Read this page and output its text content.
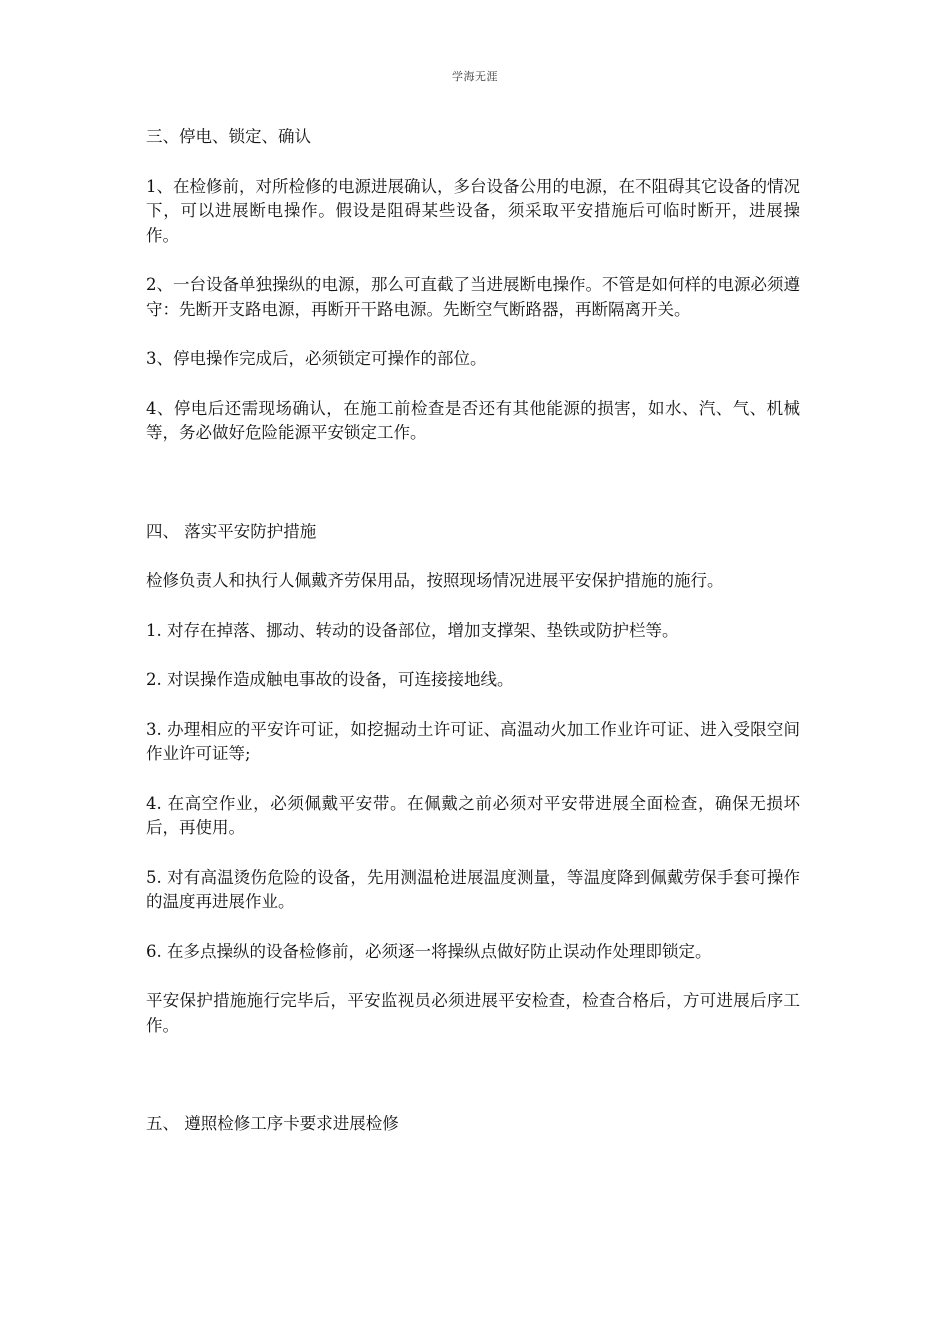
学海无涯

三、停电、锁定、确认

1、在检修前，对所检修的电源进展确认，多台设备公用的电源，在不阻碍其它设备的情况下，可以进展断电操作。假设是阻碍某些设备，须采取平安措施后可临时断开，进展操作。

2、一台设备单独操纵的电源，那么可直截了当进展断电操作。不管是如何样的电源必须遵守：先断开支路电源，再断开干路电源。先断空气断路器，再断隔离开关。

3、停电操作完成后，必须锁定可操作的部位。

4、停电后还需现场确认，在施工前检查是否还有其他能源的损害，如水、汽、气、机械等，务必做好危险能源平安锁定工作。

四、 落实平安防护措施

检修负责人和执行人佩戴齐劳保用品，按照现场情况进展平安保护措施的施行。

1. 对存在掉落、挪动、转动的设备部位，增加支撑架、垫铁或防护栏等。

2. 对误操作造成触电事故的设备，可连接接地线。

3. 办理相应的平安许可证，如挖掘动土许可证、高温动火加工作业许可证、进入受限空间作业许可证等;

4. 在高空作业，必须佩戴平安带。在佩戴之前必须对平安带进展全面检查，确保无损坏后，再使用。

5. 对有高温烫伤危险的设备，先用测温枪进展温度测量，等温度降到佩戴劳保手套可操作的温度再进展作业。

6. 在多点操纵的设备检修前，必须逐一将操纵点做好防止误动作处理即锁定。

平安保护措施施行完毕后，平安监视员必须进展平安检查，检查合格后，方可进展后序工作。

五、 遵照检修工序卡要求进展检修
